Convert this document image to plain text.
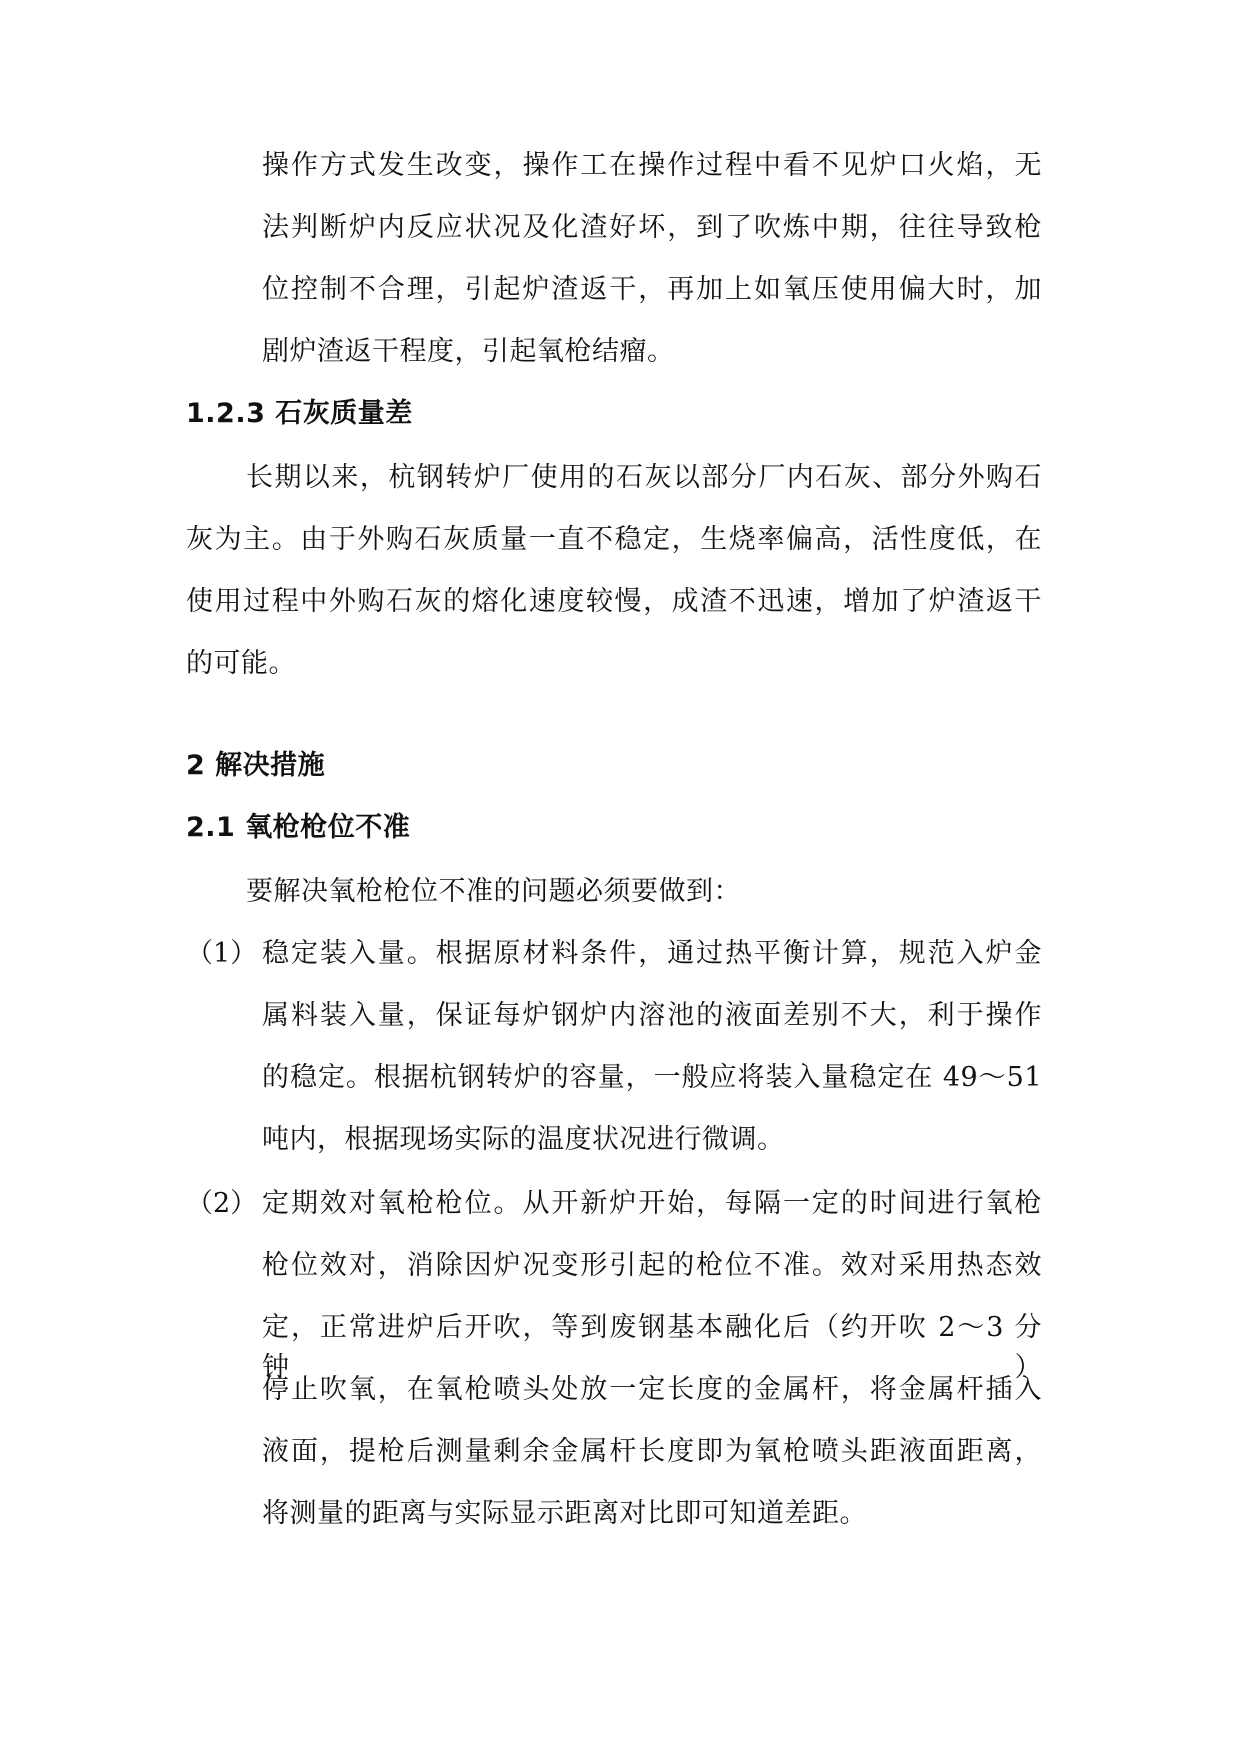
操作方式发生改变，操作工在操作过程中看不见炉口火焰，无
法判断炉内反应状况及化渣好坏，到了吹炼中期，往往导致枪
位控制不合理，引起炉渣返干，再加上如氧压使用偏大时，加
剧炉渣返干程度，引起氧枪结瘤。
1.2.3 石灰质量差
长期以来，杭钢转炉厂使用的石灰以部分厂内石灰、部分外购石
灰为主。由于外购石灰质量一直不稳定，生烧率偏高，活性度低，在
使用过程中外购石灰的熔化速度较慢，成渣不迅速，增加了炉渣返干
的可能。
2 解决措施
2.1 氧枪枪位不准
要解决氧枪枪位不准的问题必须要做到：
（1） 稳定装入量。根据原材料条件，通过热平衡计算，规范入炉金
属料装入量，保证每炉钢炉内溶池的液面差别不大，利于操作
的稳定。根据杭钢转炉的容量，一般应将装入量稳定在 49～51
吨内，根据现场实际的温度状况进行微调。
（2） 定期效对氧枪枪位。从开新炉开始，每隔一定的时间进行氧枪
枪位效对，消除因炉况变形引起的枪位不准。效对采用热态效
定，正常进炉后开吹，等到废钢基本融化后（约开吹 2～3 分钟）
停止吹氧，在氧枪喷头处放一定长度的金属杆，将金属杆插入
液面，提枪后测量剩余金属杆长度即为氧枪喷头距液面距离，
将测量的距离与实际显示距离对比即可知道差距。
